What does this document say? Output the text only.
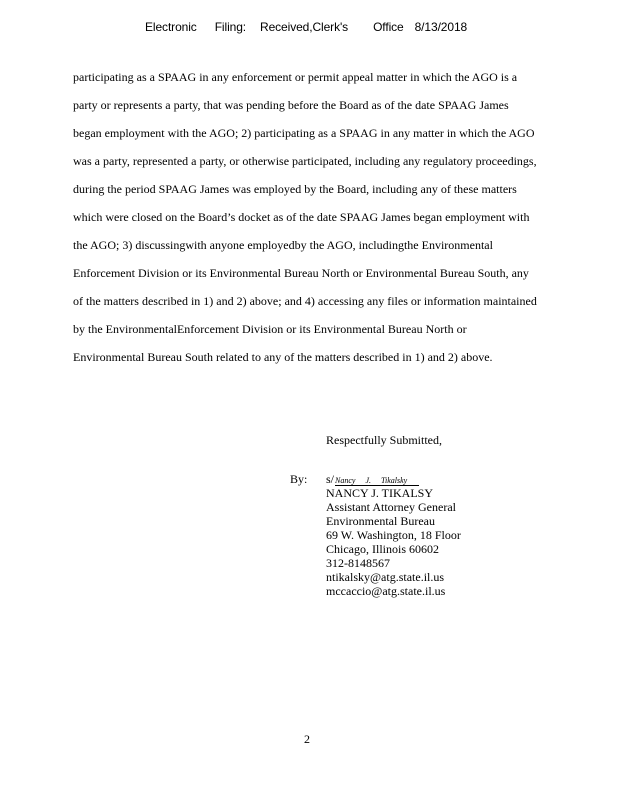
Electronic Filing: Received,Clerk's Office 8/13/2018
participating as a SPAAG in any enforcement or permit appeal matter in which the AGO is a
party or represents a party, that was pending before the Board as of the date SPAAG James
began employment with the AGO; 2) participating as a SPAAG in any matter in which the AGO
was a party, represented a party, or otherwise participated, including any regulatory proceedings,
during the period SPAAG James was employed by the Board, including any of these matters
which were closed on the Board’s docket as of the date SPAAG James began employment with
the AGO; 3) discussingwith anyone employedby the AGO, includingthe Environmental
Enforcement Division or its Environmental Bureau North or Environmental Bureau South, any
of the matters described in 1) and 2) above; and 4) accessing any files or information maintained
by the EnvironmentalEnforcement Division or its Environmental Bureau North or
Environmental Bureau South related to any of the matters described in 1) and 2) above.
Respectfully Submitted,
By: s/Nancy J. Tikalsky
NANCY J. TIKALSY
Assistant Attorney General
Environmental Bureau
69 W. Washington, 18 Floor
Chicago, Illinois 60602
312-8148567
ntikalsky@atg.state.il.us
mccaccio@atg.state.il.us
2
